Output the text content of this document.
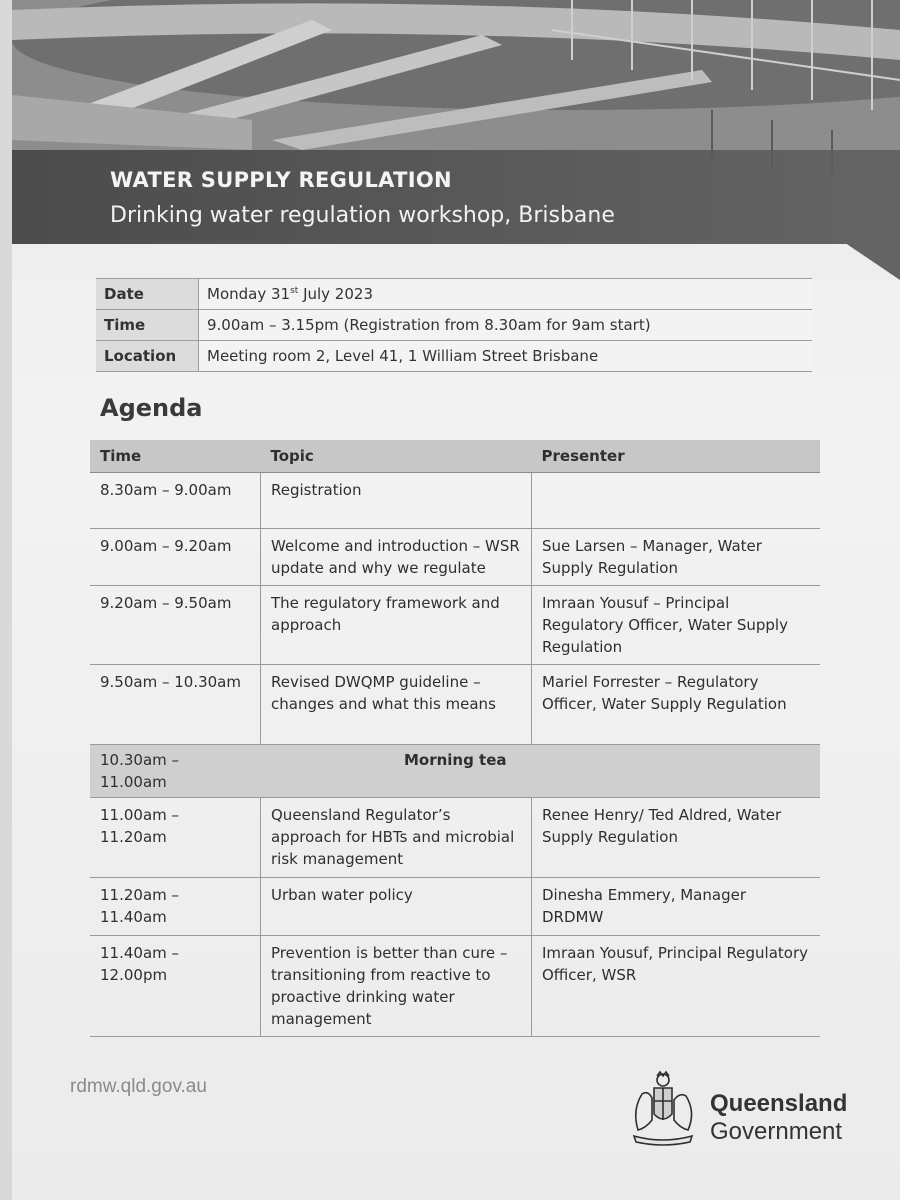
WATER SUPPLY REGULATION
Drinking water regulation workshop, Brisbane
Date	Monday 31st July 2023
Time	9.00am – 3.15pm (Registration from 8.30am for 9am start)
Location	Meeting room 2, Level 41, 1 William Street Brisbane
Agenda
Time	Topic	Presenter
8.30am – 9.00am	Registration	
9.00am – 9.20am	Welcome and introduction – WSR update and why we regulate	Sue Larsen – Manager, Water Supply Regulation
9.20am – 9.50am	The regulatory framework and approach	Imraan Yousuf – Principal Regulatory Officer, Water Supply Regulation
9.50am – 10.30am	Revised DWQMP guideline – changes and what this means	Mariel Forrester – Regulatory Officer, Water Supply Regulation
10.30am – 11.00am	Morning tea	
11.00am – 11.20am	Queensland Regulator’s approach for HBTs and microbial risk management	Renee Henry/ Ted Aldred, Water Supply Regulation
11.20am – 11.40am	Urban water policy	Dinesha Emmery, Manager DRDMW
11.40am – 12.00pm	Prevention is better than cure – transitioning from reactive to proactive drinking water management	Imraan Yousuf, Principal Regulatory Officer, WSR
rdmw.qld.gov.au
Queensland
Government
